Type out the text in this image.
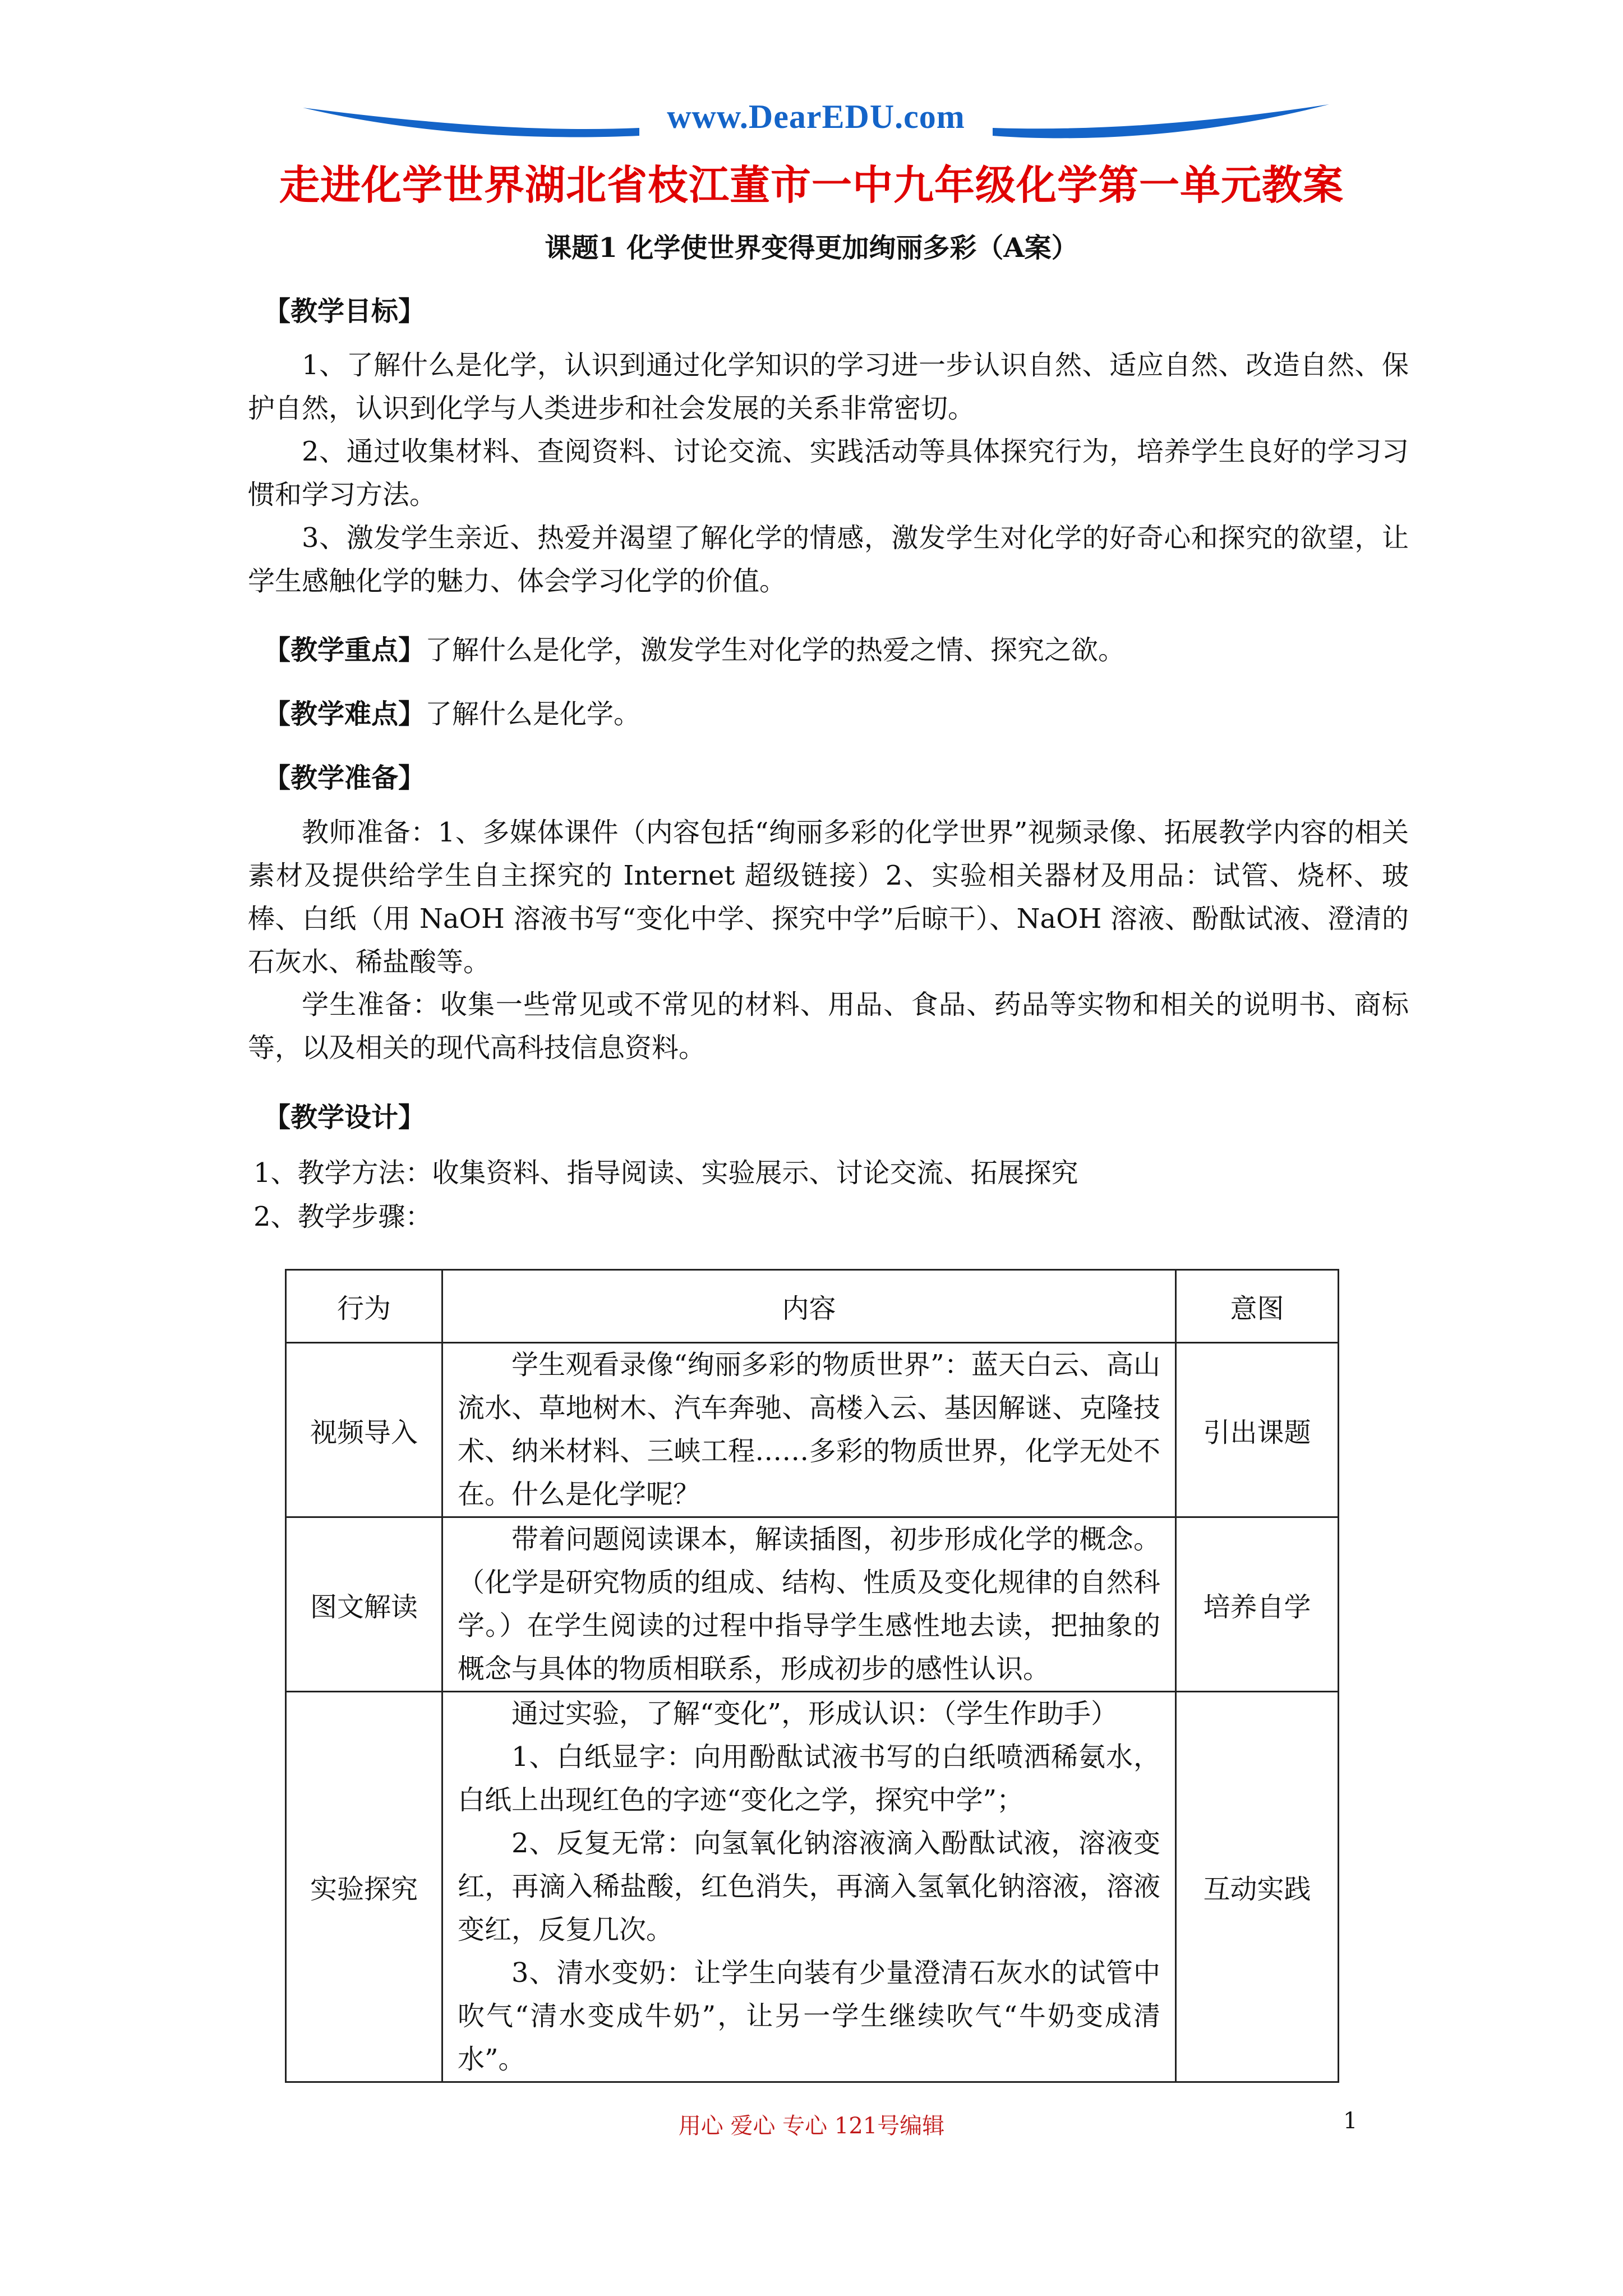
www.DearEDU.com
走进化学世界湖北省枝江董市一中九年级化学第一单元教案
课题1 化学使世界变得更加绚丽多彩（A案）
【教学目标】
1、了解什么是化学，认识到通过化学知识的学习进一步认识自然、适应自然、改造自然、保护自然，认识到化学与人类进步和社会发展的关系非常密切。
2、通过收集材料、查阅资料、讨论交流、实践活动等具体探究行为，培养学生良好的学习习惯和学习方法。
3、激发学生亲近、热爱并渴望了解化学的情感，激发学生对化学的好奇心和探究的欲望，让学生感触化学的魅力、体会学习化学的价值。
【教学重点】了解什么是化学，激发学生对化学的热爱之情、探究之欲。
【教学难点】了解什么是化学。
【教学准备】
教师准备：1、多媒体课件（内容包括“绚丽多彩的化学世界”视频录像、拓展教学内容的相关素材及提供给学生自主探究的 Internet 超级链接）2、实验相关器材及用品：试管、烧杯、玻棒、白纸（用 NaOH 溶液书写“变化中学、探究中学”后晾干）、NaOH 溶液、酚酞试液、澄清的石灰水、稀盐酸等。
学生准备：收集一些常见或不常见的材料、用品、食品、药品等实物和相关的说明书、商标等，以及相关的现代高科技信息资料。
【教学设计】
1、教学方法：收集资料、指导阅读、实验展示、讨论交流、拓展探究
2、教学步骤：
行为	内容	意图
视频导入	学生观看录像“绚丽多彩的物质世界”：蓝天白云、高山流水、草地树木、汽车奔驰、高楼入云、基因解谜、克隆技术、纳米材料、三峡工程……多彩的物质世界，化学无处不在。什么是化学呢？	引出课题
图文解读	带着问题阅读课本，解读插图，初步形成化学的概念。（化学是研究物质的组成、结构、性质及变化规律的自然科学。）在学生阅读的过程中指导学生感性地去读，把抽象的概念与具体的物质相联系，形成初步的感性认识。	培养自学
实验探究	通过实验，了解“变化”，形成认识：（学生作助手）
1、白纸显字：向用酚酞试液书写的白纸喷洒稀氨水，白纸上出现红色的字迹“变化之学，探究中学”；
2、反复无常：向氢氧化钠溶液滴入酚酞试液，溶液变红，再滴入稀盐酸，红色消失，再滴入氢氧化钠溶液，溶液变红，反复几次。
3、清水变奶：让学生向装有少量澄清石灰水的试管中吹气“清水变成牛奶”，让另一学生继续吹气“牛奶变成清水”。	互动实践
用心 爱心 专心 121号编辑	1
